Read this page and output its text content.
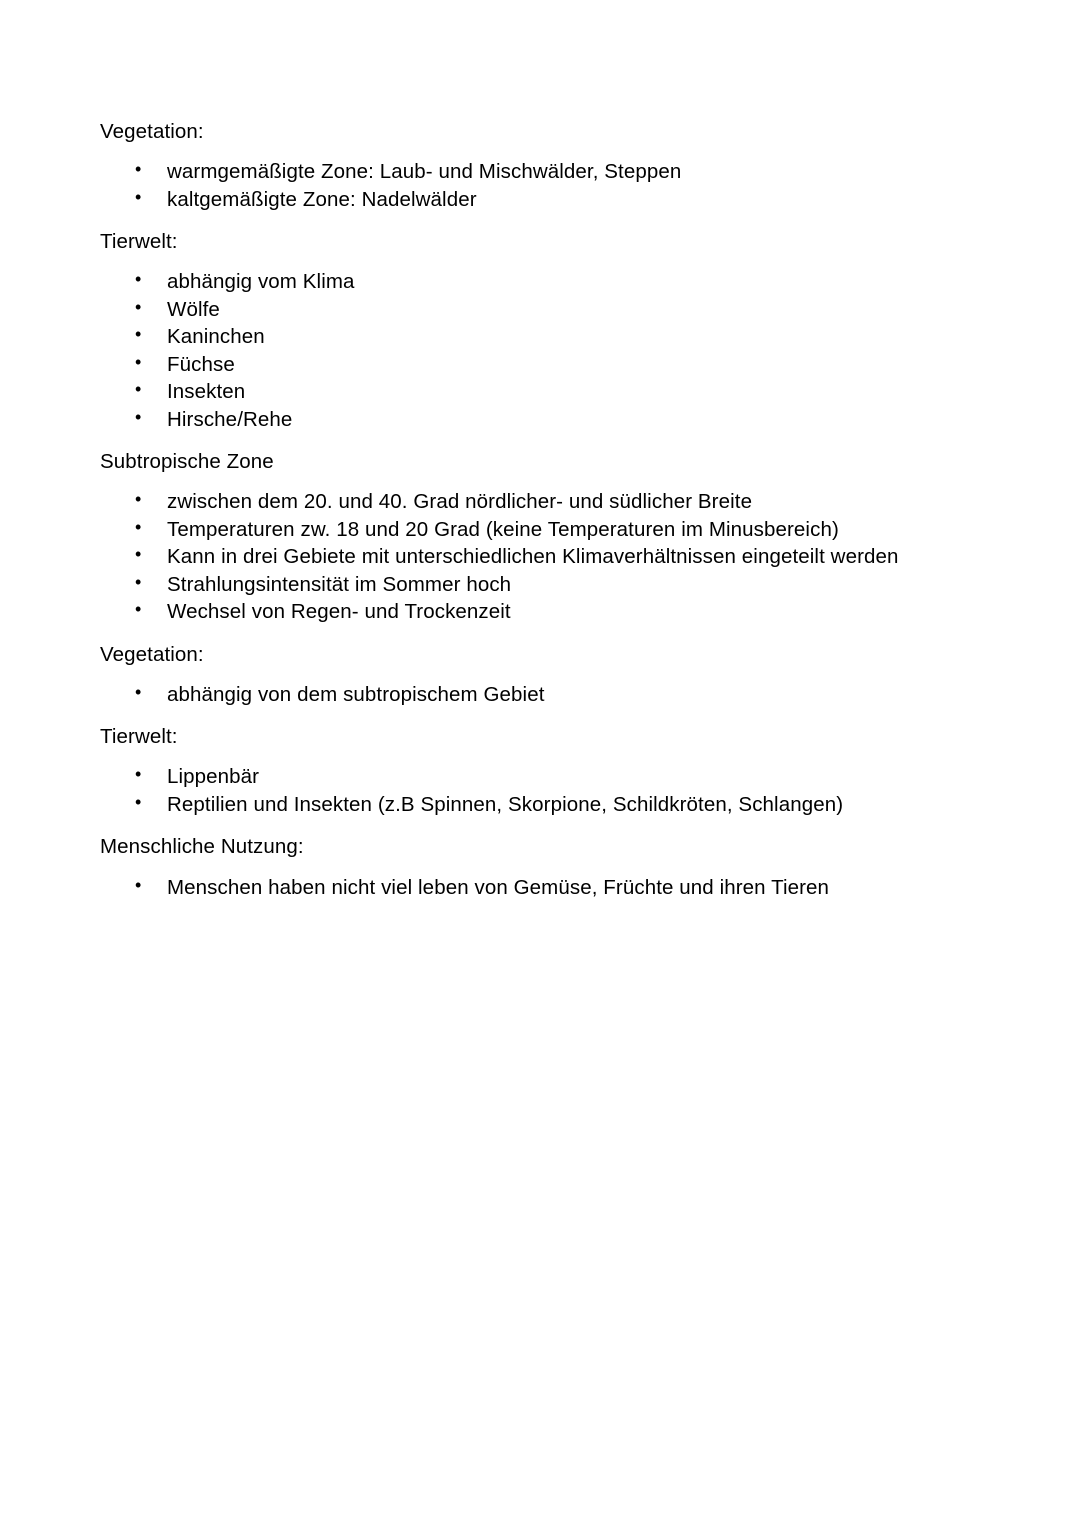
Vegetation:

• warmgemäßigte Zone: Laub- und Mischwälder, Steppen
• kaltgemäßigte Zone: Nadelwälder

Tierwelt:

• abhängig vom Klima
• Wölfe
• Kaninchen
• Füchse
• Insekten
• Hirsche/Rehe

Subtropische Zone

• zwischen dem 20. und 40. Grad nördlicher- und südlicher Breite
• Temperaturen zw. 18 und 20 Grad (keine Temperaturen im Minusbereich)
• Kann in drei Gebiete mit unterschiedlichen Klimaverhältnissen eingeteilt werden
• Strahlungsintensität im Sommer hoch
• Wechsel von Regen- und Trockenzeit

Vegetation:

• abhängig von dem subtropischem Gebiet

Tierwelt:

• Lippenbär
• Reptilien und Insekten (z.B Spinnen, Skorpione, Schildkröten, Schlangen)

Menschliche Nutzung:

• Menschen haben nicht viel leben von Gemüse, Früchte und ihren Tieren
